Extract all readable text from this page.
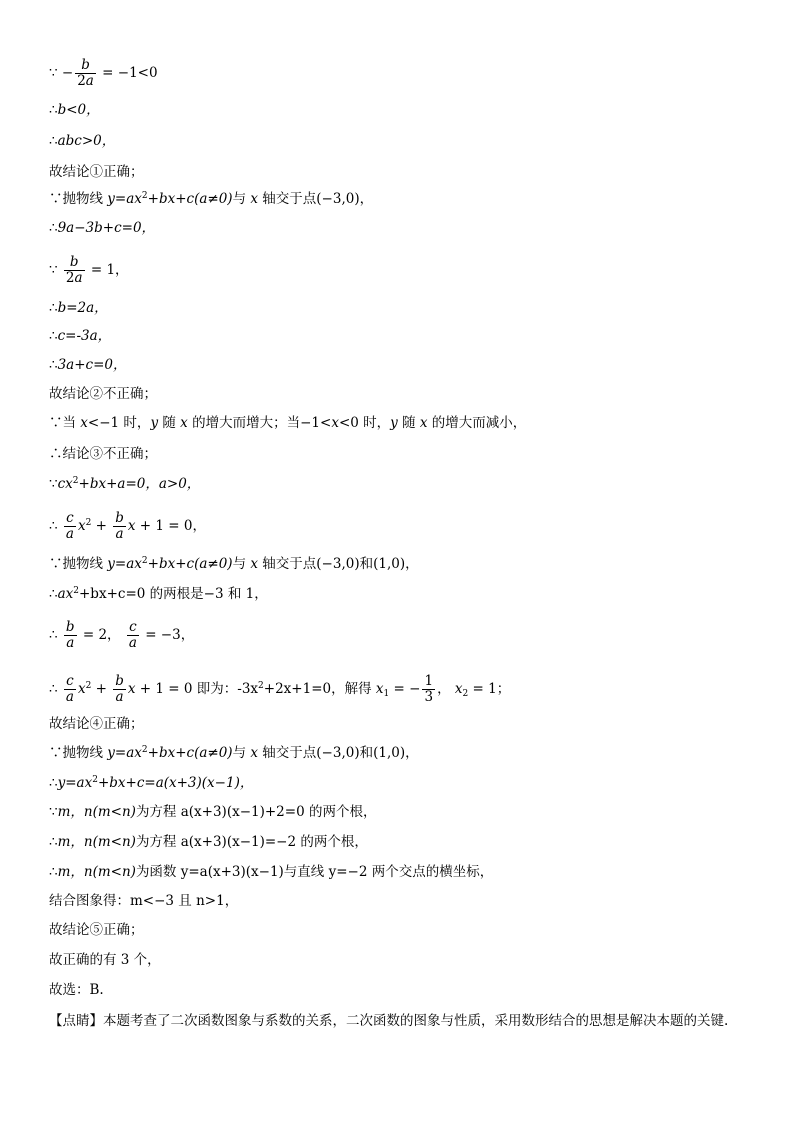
∵ − $\frac{b}{2a} = -1<0$
∴b<0，
∴abc>0，
故结论①正确；
∵抛物线 $y=ax^2+bx+c(a\ne 0)$与 x 轴交于点(−3,0)，
∴9a−3b+c=0，
∵ $\frac{b}{2a} = 1$，
∴b=2a，
∴c=-3a，
∴3a+c=0，
故结论②不正确；
∵当 x<−1 时，y 随 x 的增大而增大；当−1<x<0 时，y 随 x 的增大而减小，
∴结论③不正确；
$\because cx^2+bx+a=0$，a>0，
∴ $\frac{c}{a} x^2 + \frac{b}{a}$ x + 1 = 0，
∵抛物线 $y=ax^2+bx+c(a\ne 0)$与 x 轴交于点(−3,0)和(1,0)，
$\therefore ax^2+bx+c=0$ 的两根是−3 和 1，
∴ $\frac{b}{a} = 2$， $\frac{c}{a} = -3$，
∴ $\frac{c}{a} x^2 + \frac{b}{a}$ x + 1 = 0 即为：$-3x^2+2x+1=0$，解得 $x_1$ = − $\frac{1}{3}$ ， $x_2 = 1$；
故结论④正确；
∵抛物线 $y=ax^2+bx+c(a\ne 0)$与 x 轴交于点(−3,0)和(1,0)，
$\therefore y=ax^2+bx+c=a(x+3)(x-1)$，
∵m，n(m<n)为方程 a(x+3)(x−1)+2=0 的两个根，
∴m，n(m<n)为方程 a(x+3)(x−1)=−2 的两个根，
∴m，n(m<n)为函数 y=a(x+3)(x−1)与直线 y=−2 两个交点的横坐标，
结合图象得：m<−3 且 n>1，
故结论⑤正确；
故正确的有 3 个，
故选：B.
【点睛】本题考查了二次函数图象与系数的关系，二次函数的图象与性质，采用数形结合的思想是解决本题的关键.
